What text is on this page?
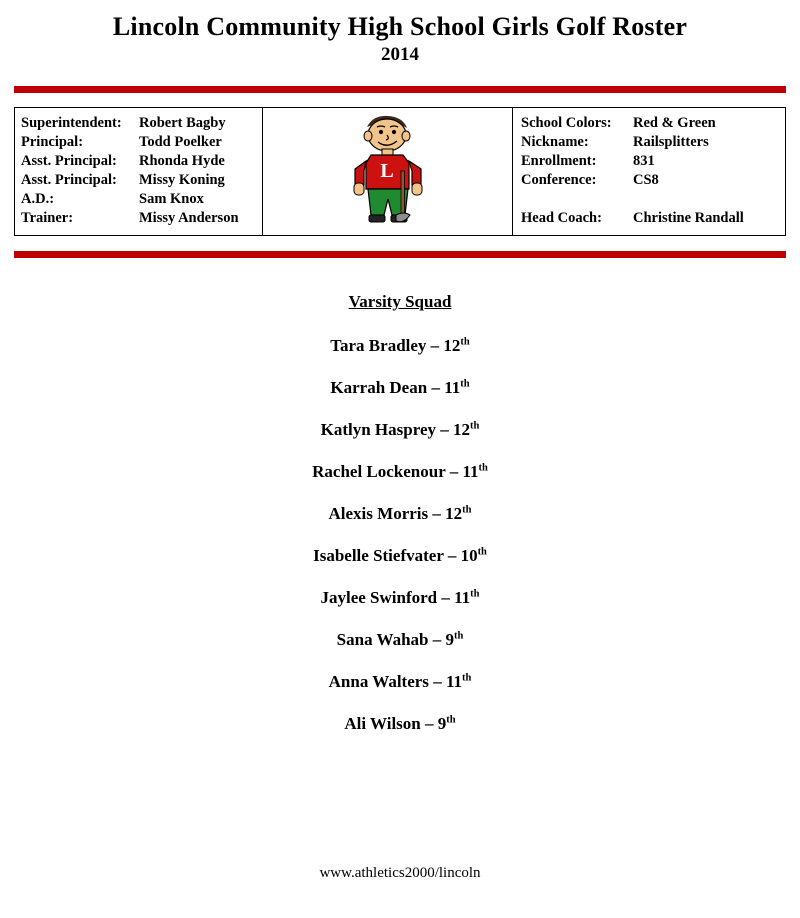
Lincoln Community High School Girls Golf Roster
2014
Superintendent:	Robert Bagby
Principal:	Todd Poelker
Asst. Principal:	Rhonda Hyde
Asst. Principal:	Missy Koning
A.D.:	Sam Knox
Trainer:	Missy Anderson
L
School Colors:	Red & Green
Nickname:	Railsplitters
Enrollment:	831
Conference:	CS8
Head Coach:	Christine Randall
Varsity Squad
Tara Bradley – 12th
Karrah Dean – 11th
Katlyn Hasprey – 12th
Rachel Lockenour – 11th
Alexis Morris – 12th
Isabelle Stiefvater – 10th
Jaylee Swinford – 11th
Sana Wahab – 9th
Anna Walters – 11th
Ali Wilson – 9th
www.athletics2000/lincoln
